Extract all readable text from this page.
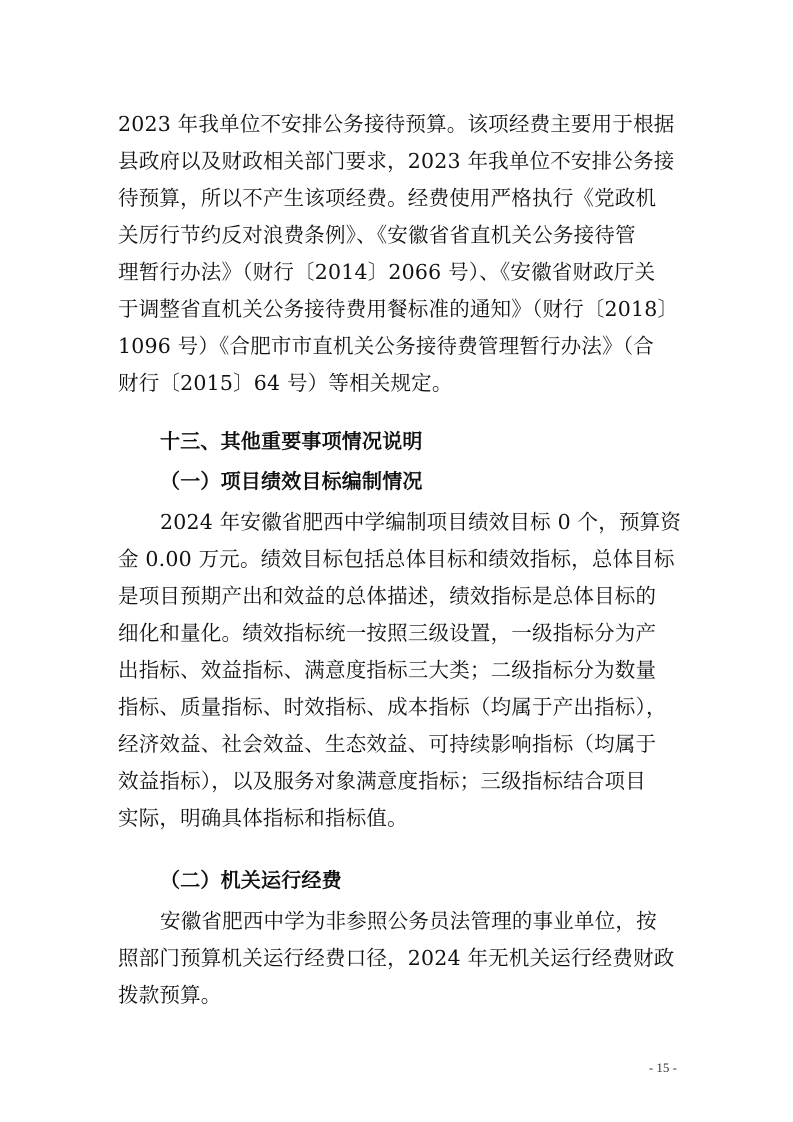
2023 年我单位不安排公务接待预算。该项经费主要用于根据
县政府以及财政相关部门要求，2023 年我单位不安排公务接
待预算，所以不产生该项经费。经费使用严格执行《党政机
关厉行节约反对浪费条例》、《安徽省省直机关公务接待管
理暂行办法》（财行〔2014〕2066 号）、《安徽省财政厅关
于调整省直机关公务接待费用餐标准的通知》（财行〔2018〕
1096 号）《合肥市市直机关公务接待费管理暂行办法》（合
财行〔2015〕64 号）等相关规定。
十三、其他重要事项情况说明
（一）项目绩效目标编制情况
2024 年安徽省肥西中学编制项目绩效目标 0 个，预算资
金 0.00 万元。绩效目标包括总体目标和绩效指标，总体目标
是项目预期产出和效益的总体描述，绩效指标是总体目标的
细化和量化。绩效指标统一按照三级设置，一级指标分为产
出指标、效益指标、满意度指标三大类；二级指标分为数量
指标、质量指标、时效指标、成本指标（均属于产出指标），
经济效益、社会效益、生态效益、可持续影响指标（均属于
效益指标），以及服务对象满意度指标；三级指标结合项目
实际，明确具体指标和指标值。
（二）机关运行经费
安徽省肥西中学为非参照公务员法管理的事业单位，按
照部门预算机关运行经费口径，2024 年无机关运行经费财政
拨款预算。
- 15 -
